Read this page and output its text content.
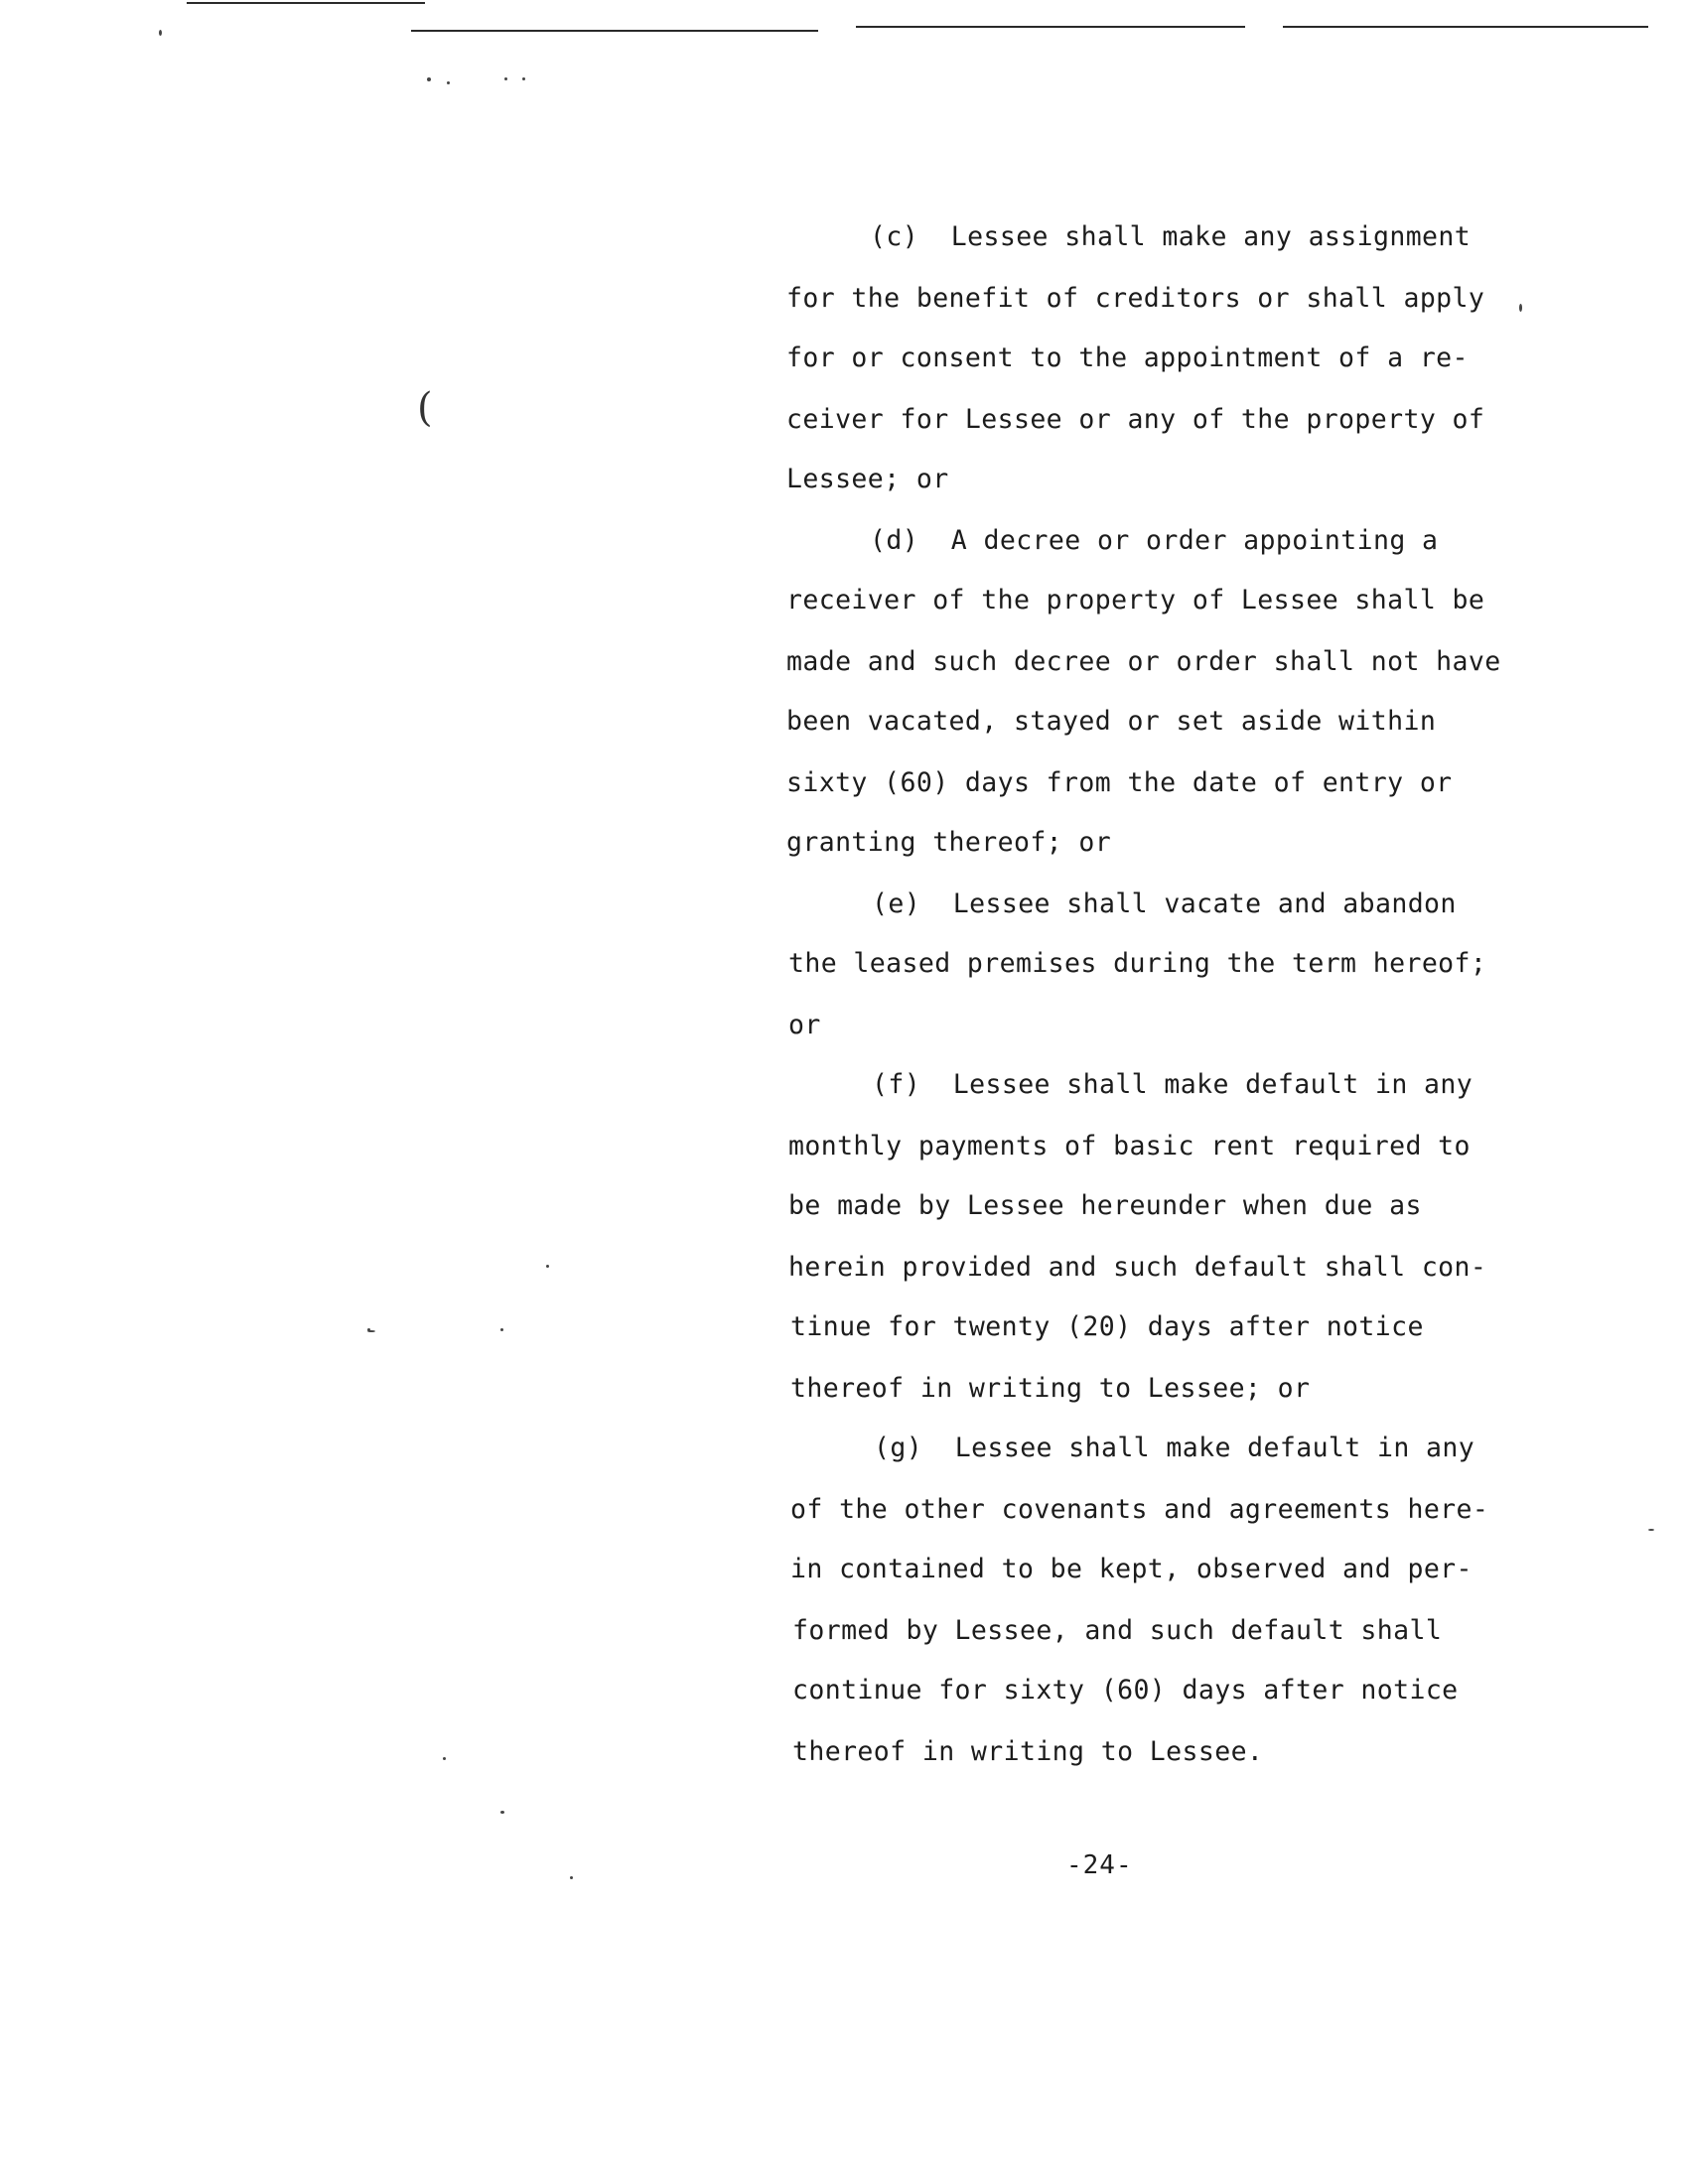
(
(c)  Lessee shall make any assignment
for the benefit of creditors or shall apply
for or consent to the appointment of a re-
ceiver for Lessee or any of the property of
Lessee; or
(d)  A decree or order appointing a
receiver of the property of Lessee shall be
made and such decree or order shall not have
been vacated, stayed or set aside within
sixty (60) days from the date of entry or
granting thereof; or
(e)  Lessee shall vacate and abandon
the leased premises during the term hereof;
or
(f)  Lessee shall make default in any
monthly payments of basic rent required to
be made by Lessee hereunder when due as
herein provided and such default shall con-
tinue for twenty (20) days after notice
thereof in writing to Lessee; or
(g)  Lessee shall make default in any
of the other covenants and agreements here-
in contained to be kept, observed and per-
formed by Lessee, and such default shall
continue for sixty (60) days after notice
thereof in writing to Lessee.
-24-
